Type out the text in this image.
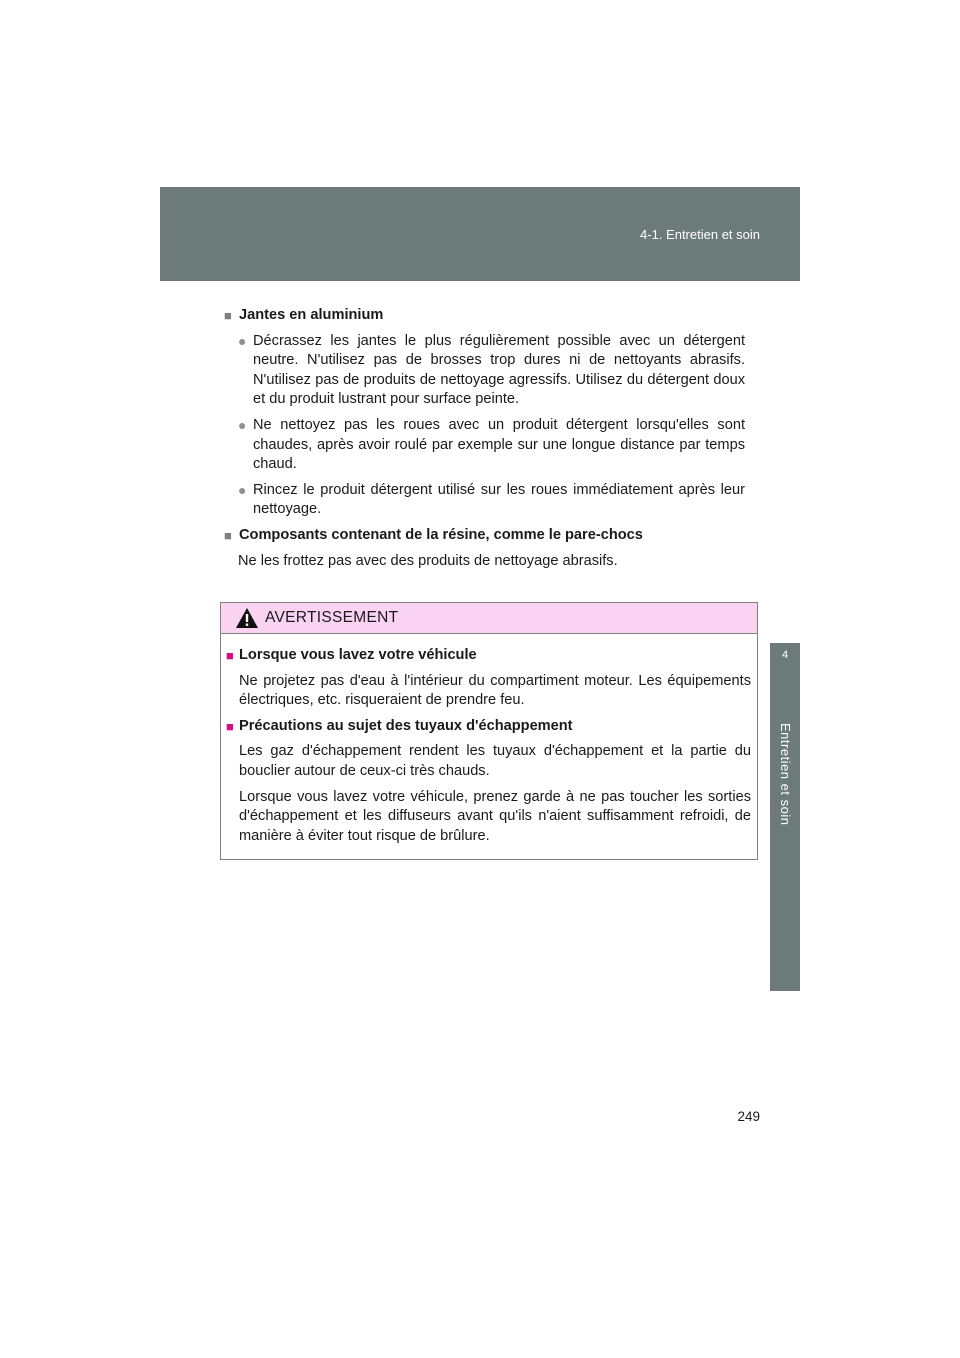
4-1. Entretien et soin
4
Entretien et soin
■ Jantes en aluminium
● Décrassez les jantes le plus régulièrement possible avec un détergent neutre. N'utilisez pas de brosses trop dures ni de nettoyants abrasifs. N'utilisez pas de produits de nettoyage agressifs. Utilisez du détergent doux et du produit lustrant pour surface peinte.
● Ne nettoyez pas les roues avec un produit détergent lorsqu'elles sont chaudes, après avoir roulé par exemple sur une longue distance par temps chaud.
● Rincez le produit détergent utilisé sur les roues immédiatement après leur nettoyage.
■ Composants contenant de la résine, comme le pare-chocs
Ne les frottez pas avec des produits de nettoyage abrasifs.
AVERTISSEMENT
■ Lorsque vous lavez votre véhicule
Ne projetez pas d'eau à l'intérieur du compartiment moteur. Les équipements électriques, etc. risqueraient de prendre feu.
■ Précautions au sujet des tuyaux d'échappement
Les gaz d'échappement rendent les tuyaux d'échappement et la partie du bouclier autour de ceux-ci très chauds.
Lorsque vous lavez votre véhicule, prenez garde à ne pas toucher les sorties d'échappement et les diffuseurs avant qu'ils n'aient suffisamment refroidi, de manière à éviter tout risque de brûlure.
249
